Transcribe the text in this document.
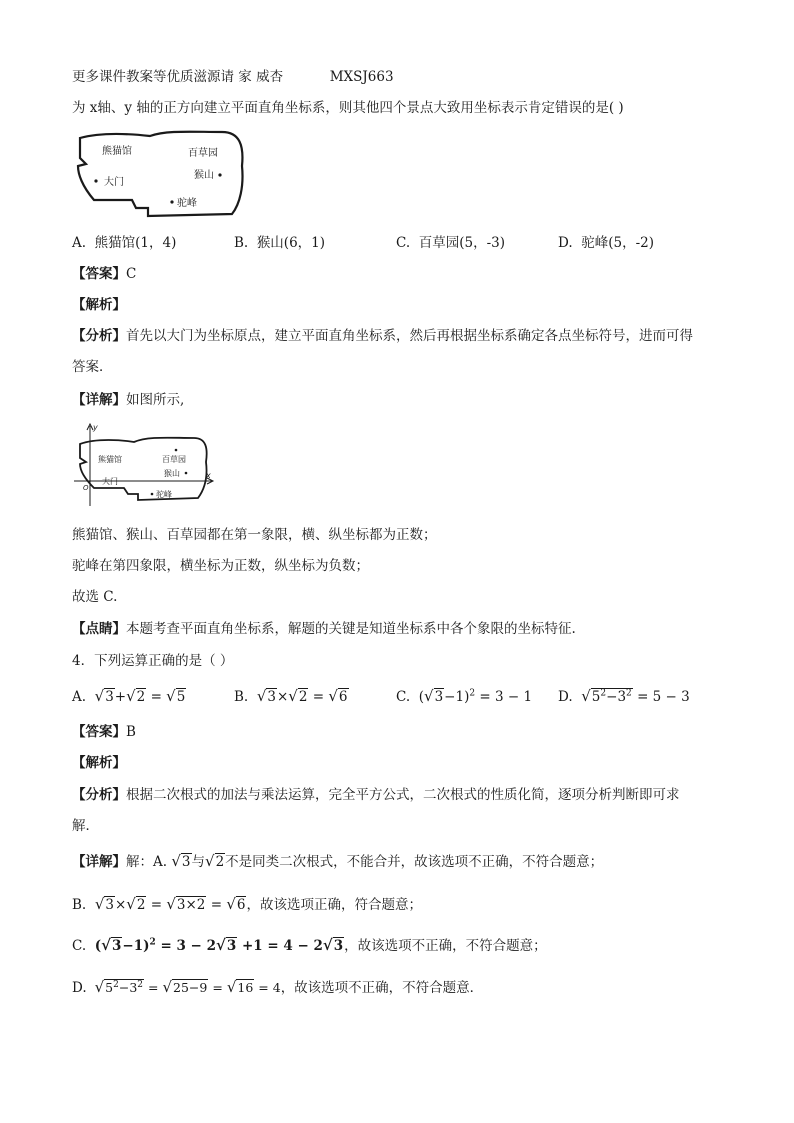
更多课件教案等优质滋源请 家 威杏	MXSJ663
为 x轴、y 轴的正方向建立平面直角坐标系，则其他四个景点大致用坐标表示肯定错误的是( )
熊猫馆	百草园
猴山
大门
驼峰
A. 熊猫馆(1，4)	B. 猴山(6，1)	C. 百草园(5，-3)	D. 驼峰(5，-2)
【答案】C
【解析】
【分析】首先以大门为坐标原点，建立平面直角坐标系，然后再根据坐标系确定各点坐标符号，进而可得
答案．
【详解】如图所示,
y
x
O
熊猫馆	百草园
猴山
大门
驼峰
熊猫馆、猴山、百草园都在第一象限，横、纵坐标都为正数；
驼峰在第四象限，横坐标为正数，纵坐标为负数；
故选 C.
【点睛】本题考查平面直角坐标系，解题的关键是知道坐标系中各个象限的坐标特征.
4．下列运算正确的是（ ）
A. √3+√2 = √5	B. √3×√2 = √6	C. $(√3-1)^2 = 3 - 1$ D. $√5^2-3^2 = 5 - 3$
【答案】B
【解析】
【分析】根据二次根式的加法与乘法运算，完全平方公式，二次根式的性质化简，逐项分析判断即可求
解．
【详解】解：A. √3与√2不是同类二次根式，不能合并，故该选项不正确，不符合题意；
B. √3×√2 = √3×2 = √6，故该选项正确，符合题意；
C. $(√3-1)^2 = 3 - 2√3 +1 = 4 - 2√3$，故该选项不正确，不符合题意；
D. $√5^2-3^2 = √25-9 = √16 = 4$，故该选项不正确，不符合题意．
